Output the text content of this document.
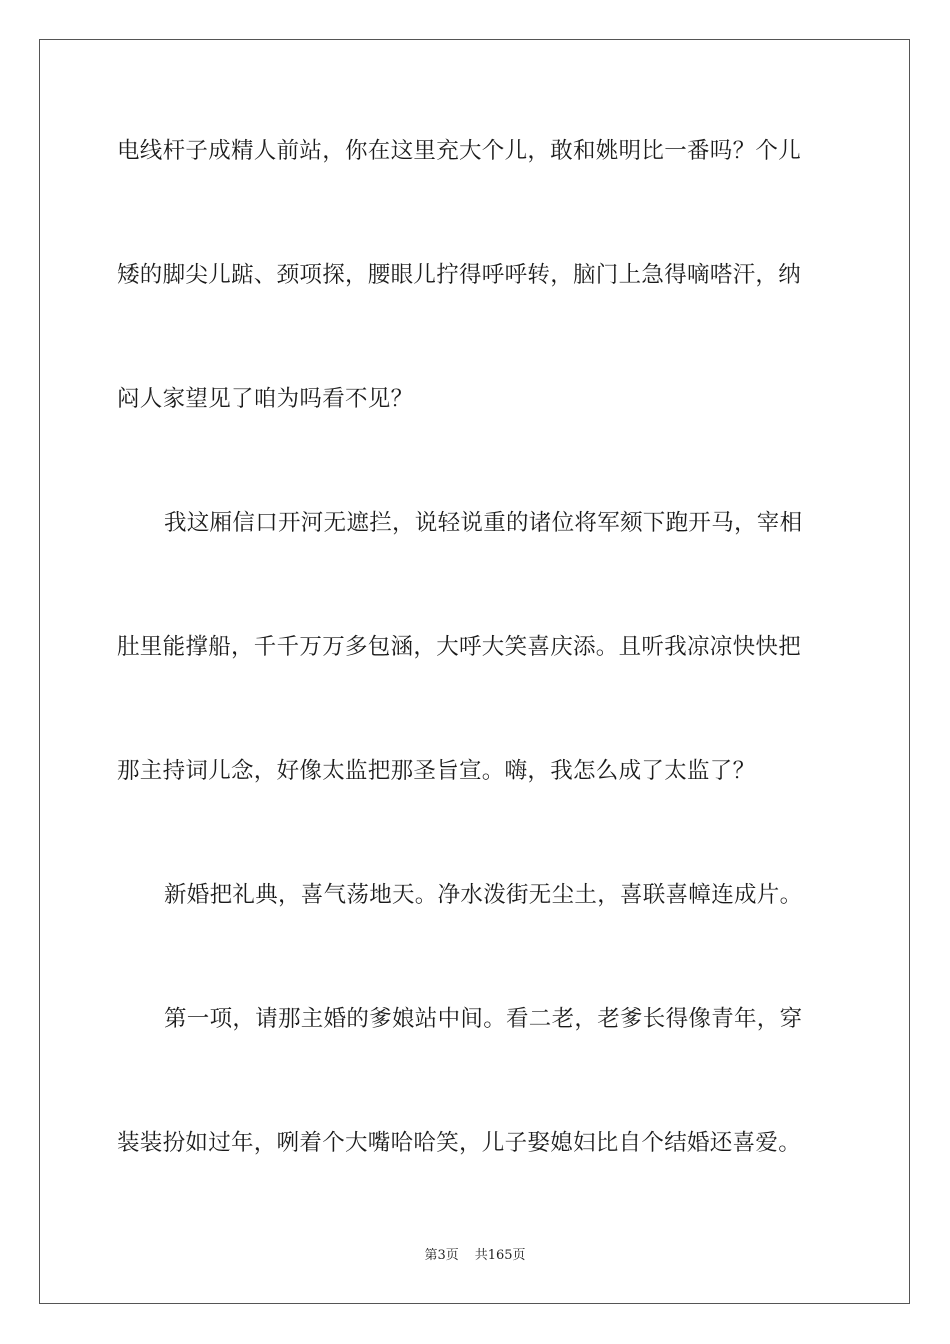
电线杆子成精人前站，你在这里充大个儿，敢和姚明比一番吗？个儿
矮的脚尖儿踮、颈项探，腰眼儿拧得呼呼转，脑门上急得嘀嗒汗，纳
闷人家望见了咱为吗看不见？
我这厢信口开河无遮拦，说轻说重的诸位将军颏下跑开马，宰相
肚里能撑船，千千万万多包涵，大呼大笑喜庆添。且听我凉凉快快把
那主持词儿念，好像太监把那圣旨宣。嗨，我怎么成了太监了？
新婚把礼典，喜气荡地天。净水泼街无尘土，喜联喜幛连成片。
第一项，请那主婚的爹娘站中间。看二老，老爹长得像青年，穿
装装扮如过年，咧着个大嘴哈哈笑，儿子娶媳妇比自个结婚还喜爱。
第3页 共165页
